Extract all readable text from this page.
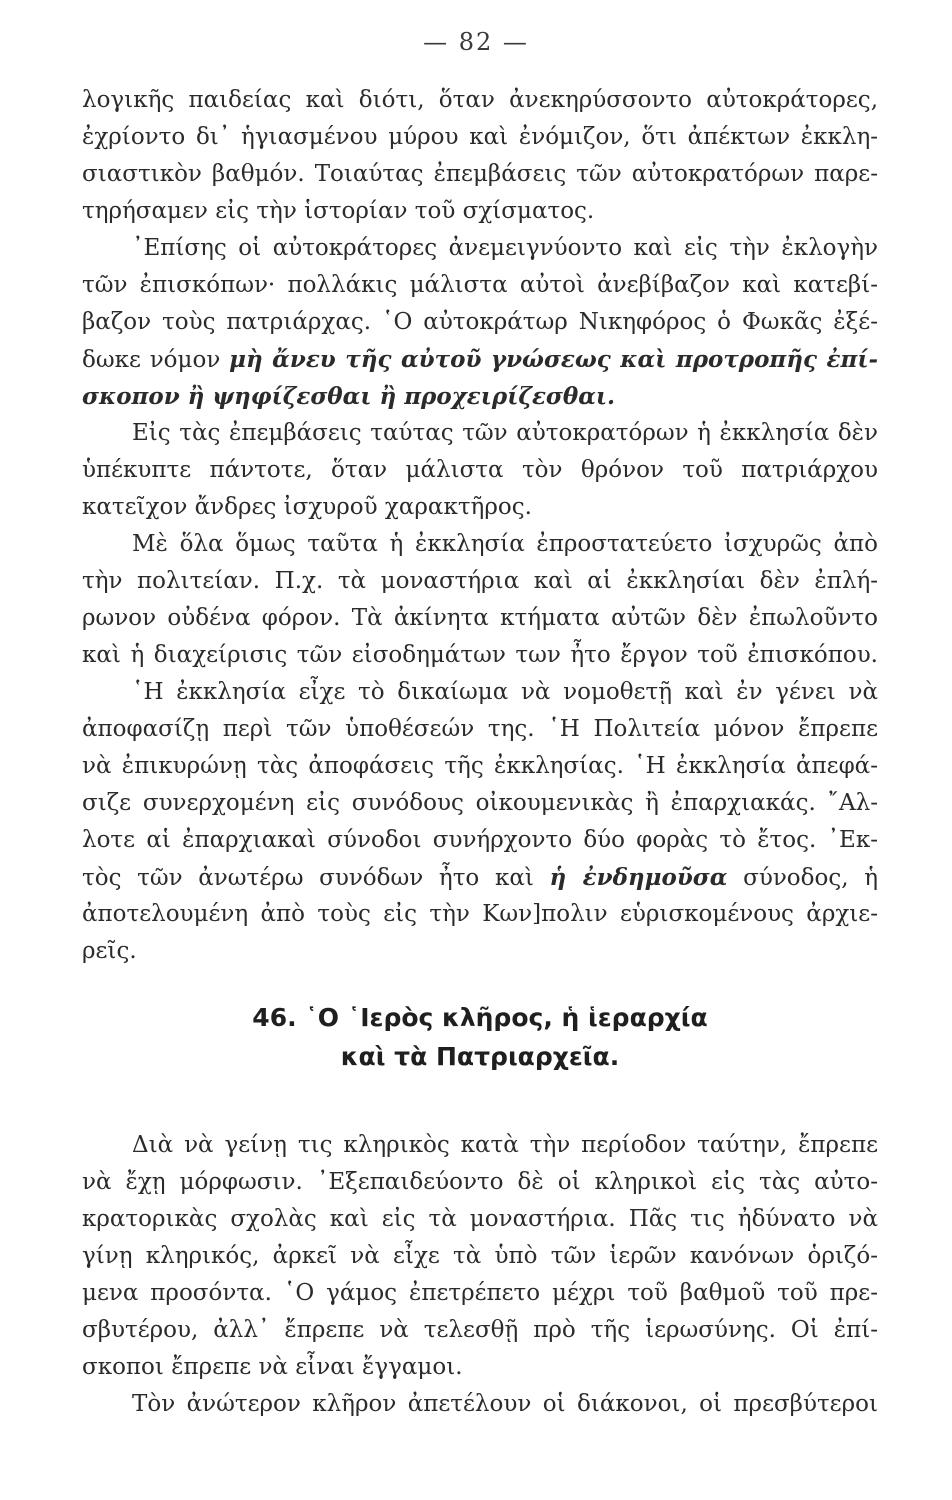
— 82 —
λογικῆς παιδείας καὶ διότι, ὅταν ἀνεκηρύσσοντο αὐτοκράτορες,
ἐχρίοντο δι᾽ ἡγιασμένου μύρου καὶ ἐνόμιζον, ὅτι ἀπέκτων ἐκκλη-
σιαστικὸν βαθμόν. Τοιαύτας ἐπεμβάσεις τῶν αὐτοκρατόρων παρε-
τηρήσαμεν εἰς τὴν ἱστορίαν τοῦ σχίσματος.
᾽Επίσης οἱ αὐτοκράτορες ἀνεμειγνύοντο καὶ εἰς τὴν ἐκλογὴν
τῶν ἐπισκόπων· πολλάκις μάλιστα αὐτοὶ ἀνεβίβαζον καὶ κατεβί-
βαζον τοὺς πατριάρχας. ῾Ο αὐτοκράτωρ Νικηφόρος ὁ Φωκᾶς ἐξέ-
δωκε νόμον μὴ ἄνευ τῆς αὐτοῦ γνώσεως καὶ προτροπῆς ἐπί-
σκοπον ἢ ψηφίζεσθαι ἢ προχειρίζεσθαι.
Εἰς τὰς ἐπεμβάσεις ταύτας τῶν αὐτοκρατόρων ἡ ἐκκλησία δὲν
ὑπέκυπτε πάντοτε, ὅταν μάλιστα τὸν θρόνον τοῦ πατριάρχου
κατεῖχον ἄνδρες ἰσχυροῦ χαρακτῆρος.
Μὲ ὅλα ὅμως ταῦτα ἡ ἐκκλησία ἐπροστατεύετο ἰσχυρῶς ἀπὸ
τὴν πολιτείαν. Π.χ. τὰ μοναστήρια καὶ αἱ ἐκκλησίαι δὲν ἐπλή-
ρωνον οὐδένα φόρον. Τὰ ἀκίνητα κτήματα αὐτῶν δὲν ἐπωλοῦντο
καὶ ἡ διαχείρισις τῶν εἰσοδημάτων των ἦτο ἔργον τοῦ ἐπισκόπου.
῾Η ἐκκλησία εἶχε τὸ δικαίωμα νὰ νομοθετῇ καὶ ἐν γένει νὰ
ἀποφασίζῃ περὶ τῶν ὑποθέσεών της. ῾Η Πολιτεία μόνον ἔπρεπε
νὰ ἐπικυρώνῃ τὰς ἀποφάσεις τῆς ἐκκλησίας. ῾Η ἐκκλησία ἀπεφά-
σιζε συνερχομένη εἰς συνόδους οἰκουμενικὰς ἢ ἐπαρχιακάς. ῎Αλ-
λοτε αἱ ἐπαρχιακαὶ σύνοδοι συνήρχοντο δύο φορὰς τὸ ἔτος. ᾽Εκ-
τὸς τῶν ἀνωτέρω συνόδων ἦτο καὶ ἡ ἐνδημοῦσα σύνοδος, ἡ
ἀποτελουμένη ἀπὸ τοὺς εἰς τὴν Κων]πολιν εὑρισκομένους ἀρχιε-
ρεῖς.
46. ῾Ο ῾Ιερὸς κλῆρος, ἡ ἱεραρχία
καὶ τὰ Πατριαρχεῖα.
Διὰ νὰ γείνῃ τις κληρικὸς κατὰ τὴν περίοδον ταύτην, ἔπρεπε
νὰ ἔχῃ μόρφωσιν. ᾽Εξεπαιδεύοντο δὲ οἱ κληρικοὶ εἰς τὰς αὐτο-
κρατορικὰς σχολὰς καὶ εἰς τὰ μοναστήρια. Πᾶς τις ἠδύνατο νὰ
γίνῃ κληρικός, ἀρκεῖ νὰ εἶχε τὰ ὑπὸ τῶν ἱερῶν κανόνων ὁριζό-
μενα προσόντα. ῾Ο γάμος ἐπετρέπετο μέχρι τοῦ βαθμοῦ τοῦ πρε-
σβυτέρου, ἀλλ᾽ ἔπρεπε νὰ τελεσθῇ πρὸ τῆς ἱερωσύνης. Οἱ ἐπί-
σκοποι ἔπρεπε νὰ εἶναι ἔγγαμοι.
Τὸν ἀνώτερον κλῆρον ἀπετέλουν οἱ διάκονοι, οἱ πρεσβύτεροι
